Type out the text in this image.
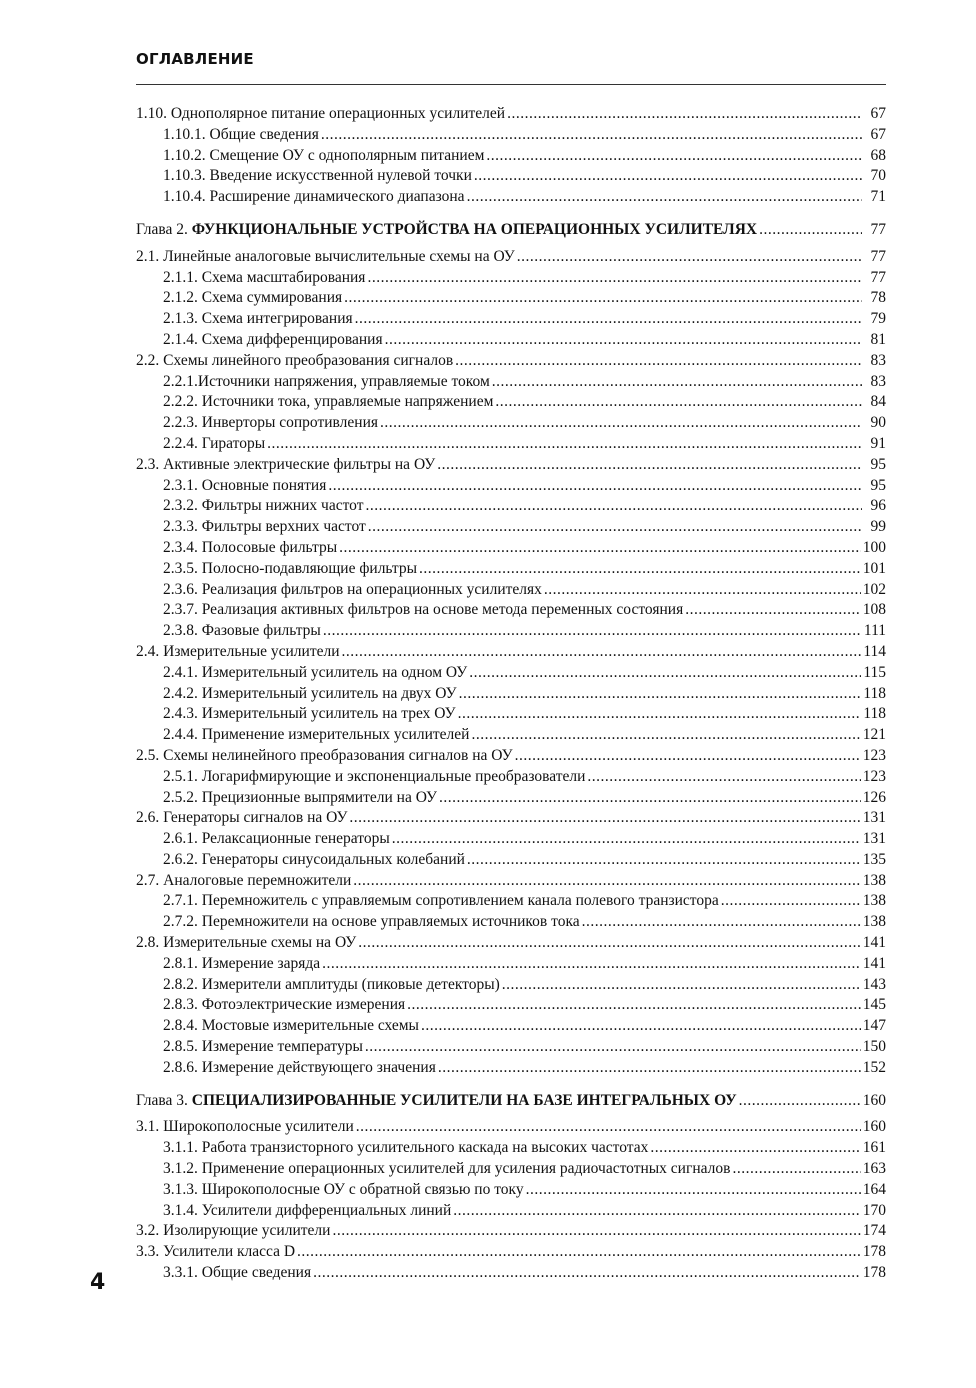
ОГЛАВЛЕНИЕ
1.10. Однополярное питание операционных усилителей .....	67
1.10.1. Общие сведения .....	67
1.10.2. Смещение ОУ с однополярным питанием .....	68
1.10.3. Введение искусственной нулевой точки .....	70
1.10.4. Расширение динамического диапазона .....	71
Глава 2. ФУНКЦИОНАЛЬНЫЕ УСТРОЙСТВА НА ОПЕРАЦИОННЫХ УСИЛИТЕЛЯХ .....	77
2.1. Линейные аналоговые вычислительные схемы на ОУ .....	77
2.1.1. Схема масштабирования .....	77
2.1.2. Схема суммирования .....	78
2.1.3. Схема интегрирования .....	79
2.1.4. Схема дифференцирования .....	81
2.2. Схемы линейного преобразования сигналов .....	83
2.2.1.Источники напряжения, управляемые током .....	83
2.2.2. Источники тока, управляемые напряжением .....	84
2.2.3. Инверторы сопротивления .....	90
2.2.4. Гираторы .....	91
2.3. Активные электрические фильтры на ОУ .....	95
2.3.1. Основные понятия .....	95
2.3.2. Фильтры нижних частот .....	96
2.3.3. Фильтры верхних частот .....	99
2.3.4. Полосовые фильтры .....	100
2.3.5. Полосно-подавляющие фильтры .....	101
2.3.6. Реализация фильтров на операционных усилителях .....	102
2.3.7. Реализация активных фильтров на основе метода переменных состояния .....	108
2.3.8. Фазовые фильтры .....	111
2.4. Измерительные усилители .....	114
2.4.1. Измерительный усилитель на одном ОУ .....	115
2.4.2. Измерительный усилитель на двух ОУ .....	118
2.4.3. Измерительный усилитель на трех ОУ .....	118
2.4.4. Применение измерительных усилителей .....	121
2.5. Схемы нелинейного преобразования сигналов на ОУ .....	123
2.5.1. Логарифмирующие и экспоненциальные преобразователи .....	123
2.5.2. Прецизионные выпрямители на ОУ .....	126
2.6. Генераторы сигналов на ОУ .....	131
2.6.1. Релаксационные генераторы .....	131
2.6.2. Генераторы синусоидальных колебаний .....	135
2.7. Аналоговые перемножители .....	138
2.7.1. Перемножитель с управляемым сопротивлением канала полевого транзистора .....	138
2.7.2. Перемножители на основе управляемых источников тока .....	138
2.8. Измерительные схемы на ОУ .....	141
2.8.1. Измерение заряда .....	141
2.8.2. Измерители амплитуды (пиковые детекторы) .....	143
2.8.3. Фотоэлектрические измерения .....	145
2.8.4. Мостовые измерительные схемы .....	147
2.8.5. Измерение температуры .....	150
2.8.6. Измерение действующего значения .....	152
Глава 3. СПЕЦИАЛИЗИРОВАННЫЕ УСИЛИТЕЛИ НА БАЗЕ ИНТЕГРАЛЬНЫХ ОУ .....	160
3.1. Широкополосные усилители .....	160
3.1.1. Работа транзисторного усилительного каскада на высоких частотах .....	161
3.1.2. Применение операционных усилителей для усиления радиочастотных сигналов .....	163
3.1.3. Широкополосные ОУ с обратной связью по току .....	164
3.1.4. Усилители дифференциальных линий .....	170
3.2. Изолирующие усилители .....	174
3.3. Усилители класса D .....	178
3.3.1. Общие сведения .....	178
4
